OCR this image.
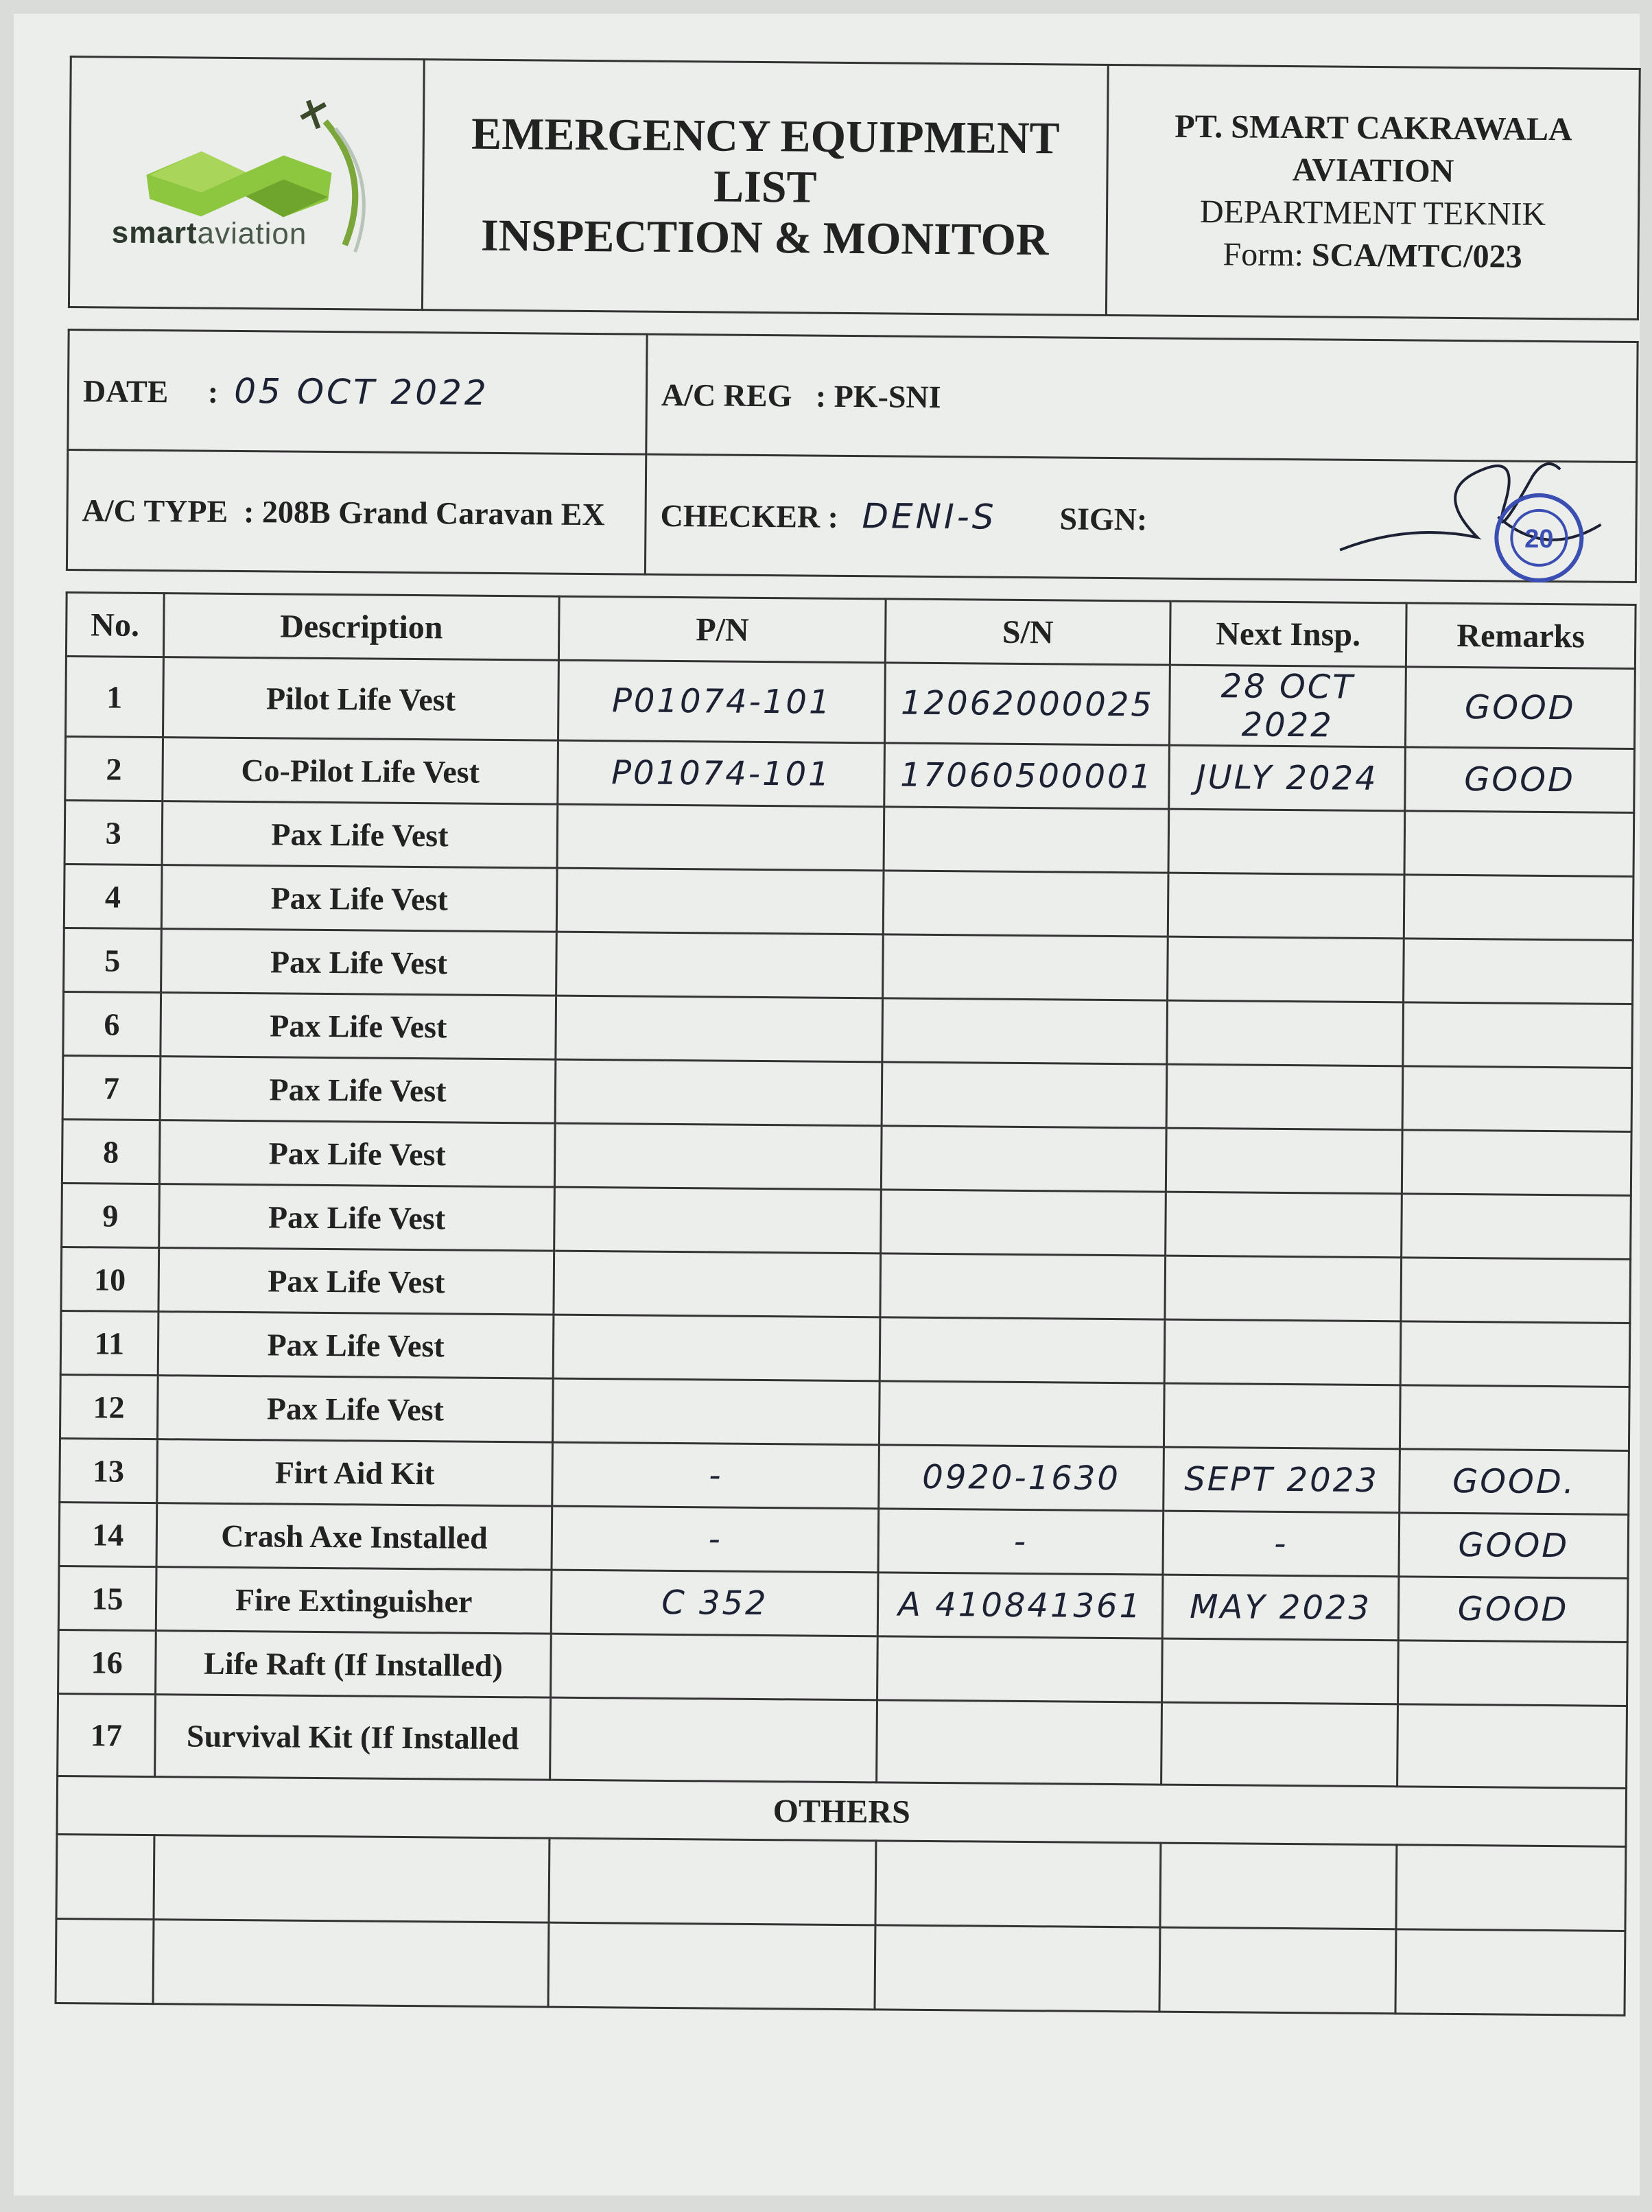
smartaviation

EMERGENCY EQUIPMENT
LIST
INSPECTION & MONITOR

PT. SMART CAKRAWALA
AVIATION
DEPARTMENT TEKNIK
Form: SCA/MTC/023
DATE     :  05 OCT 2022	A/C REG   : PK-SNI
A/C TYPE  : 208B Grand Caravan EX	CHECKER :   DENI-S SIGN:
20
No.	Description	P/N	S/N	Next Insp.	Remarks
1	Pilot Life Vest	P01074-101	12062000025	28 OCT 2022	GOOD
2	Co-Pilot Life Vest	P01074-101	17060500001	JULY 2024	GOOD
3	Pax Life Vest				
4	Pax Life Vest				
5	Pax Life Vest				
6	Pax Life Vest				
7	Pax Life Vest				
8	Pax Life Vest				
9	Pax Life Vest				
10	Pax Life Vest				
11	Pax Life Vest				
12	Pax Life Vest				
13	Firt Aid Kit	-	0920-1630	SEPT 2023	GOOD.
14	Crash Axe Installed	-	-	-	GOOD
15	Fire Extinguisher	C 352	A 410841361	MAY 2023	GOOD
16	Life Raft (If Installed)				
17	Survival Kit (If Installed				
OTHERS					
